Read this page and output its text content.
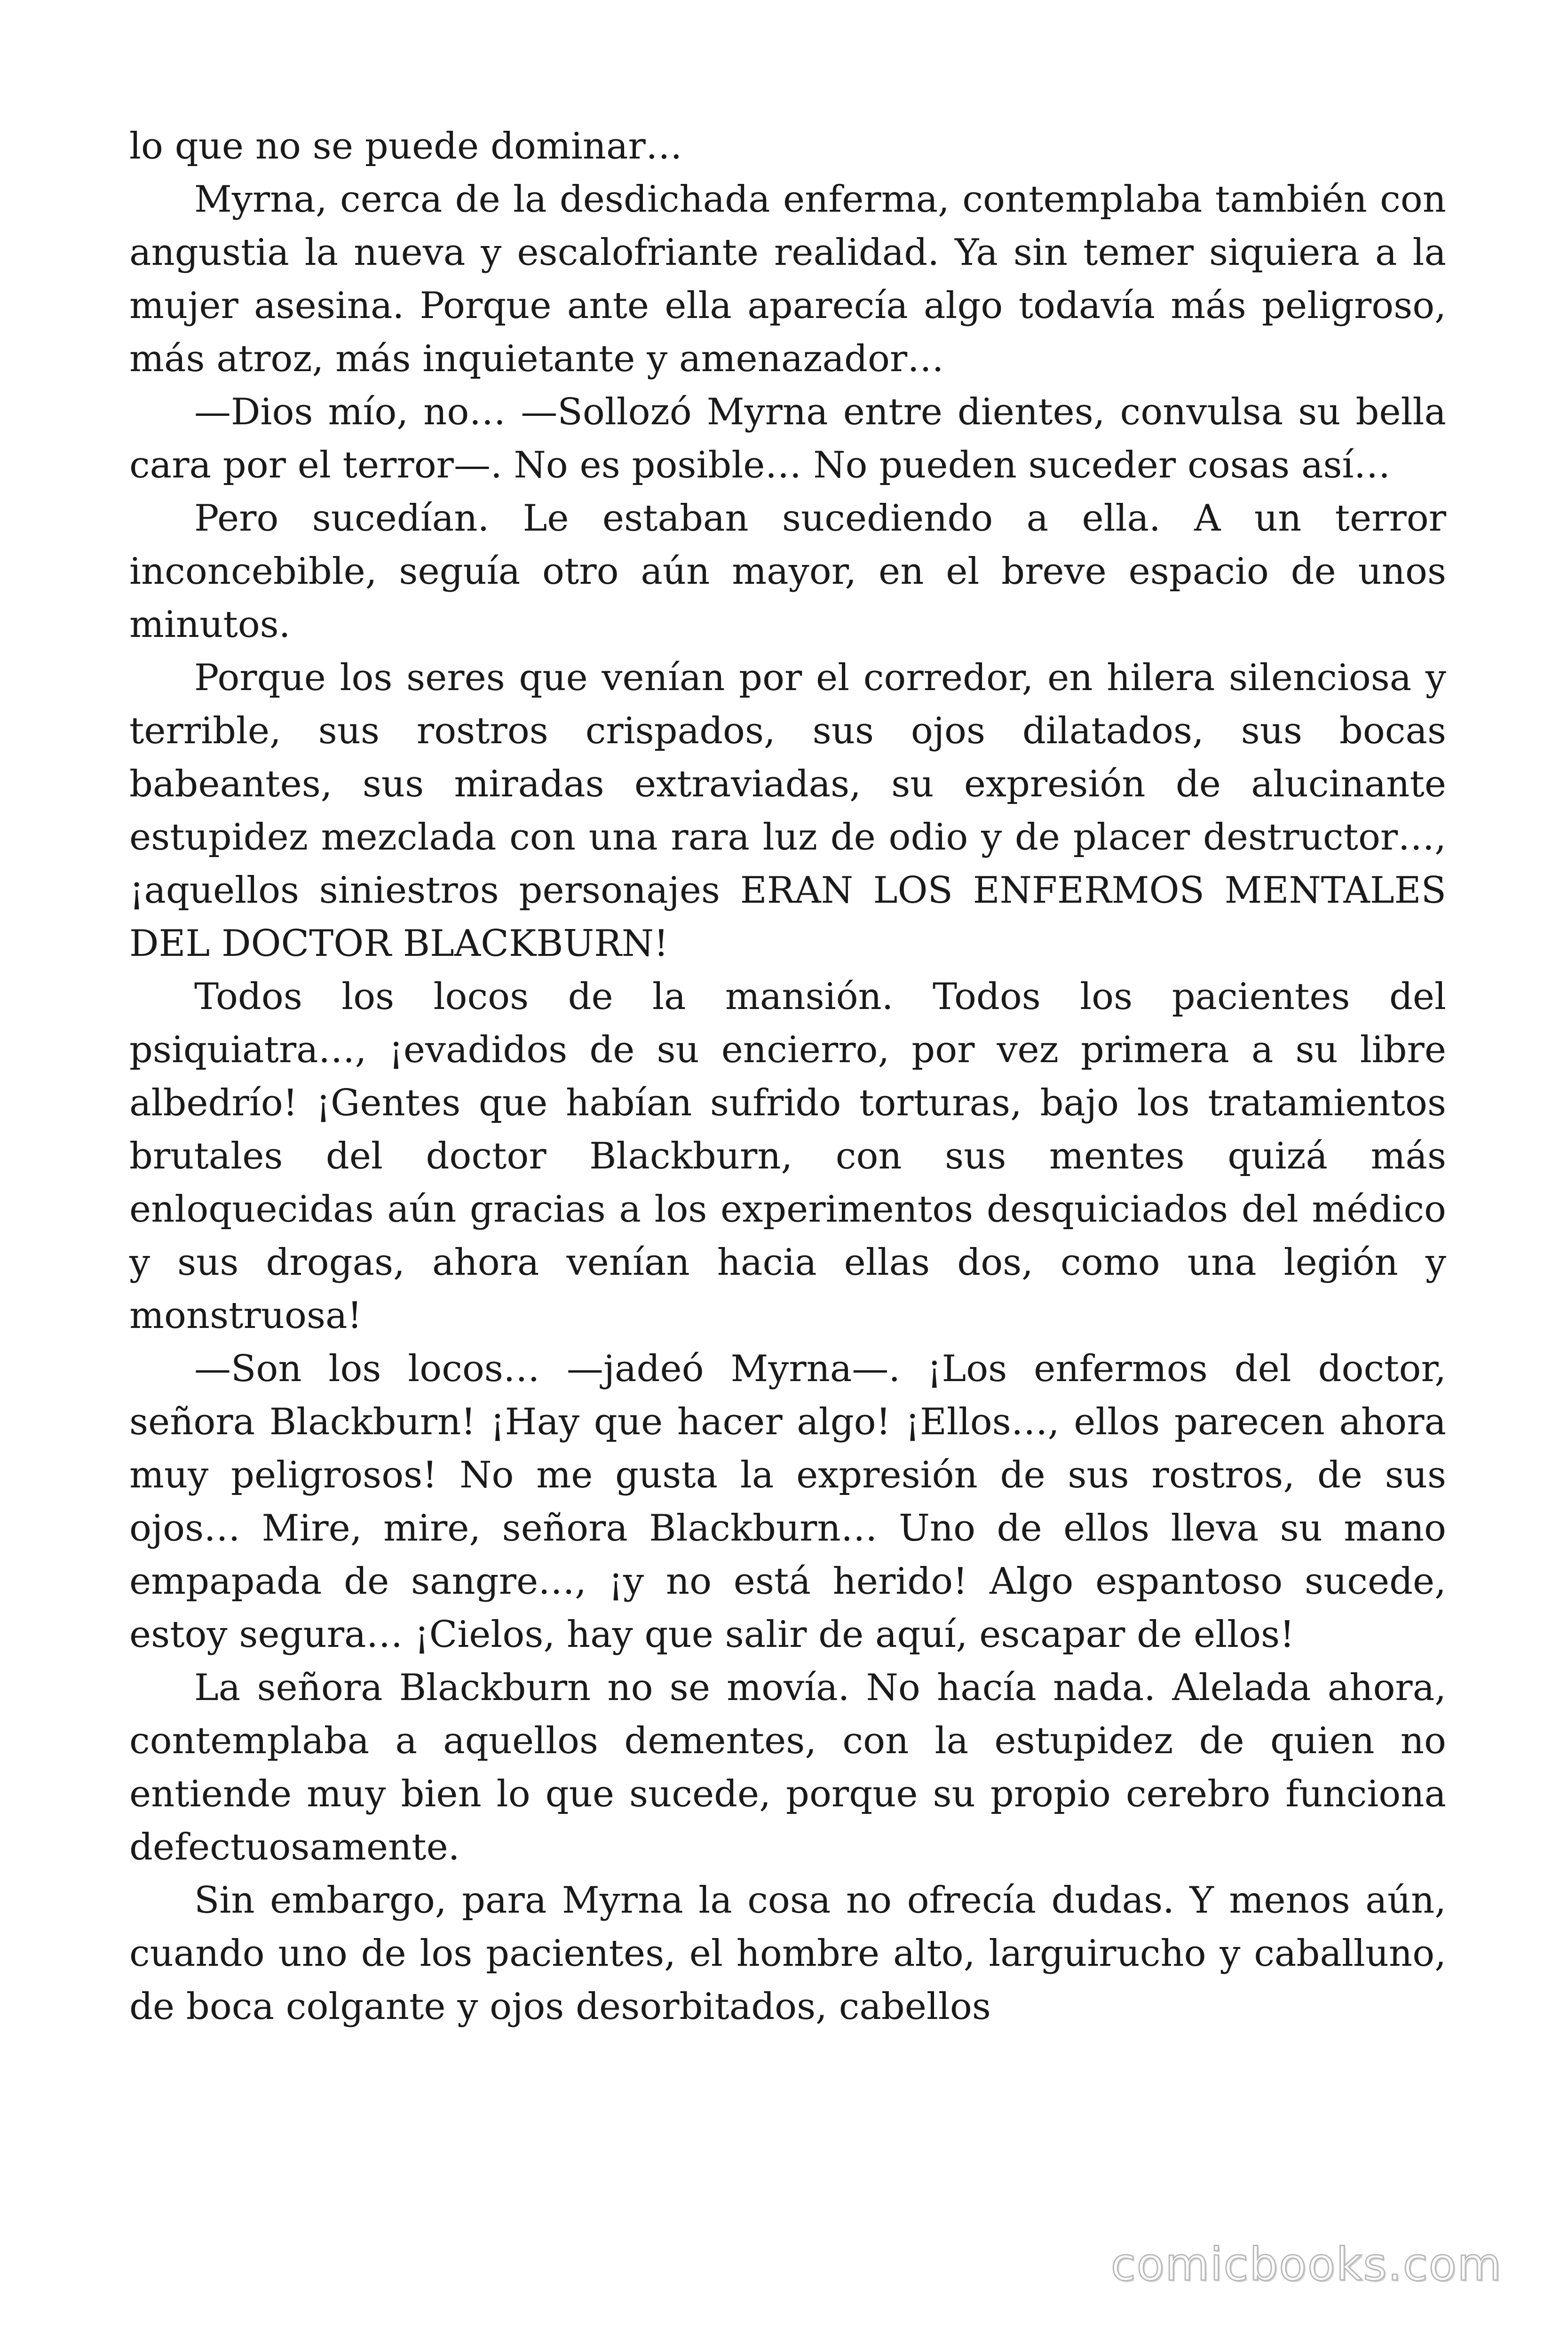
lo que no se puede dominar…

Myrna, cerca de la desdichada enferma, contemplaba también con angustia la nueva y escalofriante realidad. Ya sin temer siquiera a la mujer asesina. Porque ante ella aparecía algo todavía más peligroso, más atroz, más inquietante y amenazador…

—Dios mío, no… —Sollozó Myrna entre dientes, convulsa su bella cara por el terror—. No es posible… No pueden suceder cosas así…

Pero sucedían. Le estaban sucediendo a ella. A un terror inconcebible, seguía otro aún mayor, en el breve espacio de unos minutos.

Porque los seres que venían por el corredor, en hilera silenciosa y terrible, sus rostros crispados, sus ojos dilatados, sus bocas babeantes, sus miradas extraviadas, su expresión de alucinante estupidez mezclada con una rara luz de odio y de placer destructor…, ¡aquellos siniestros personajes ERAN LOS ENFERMOS MENTALES DEL DOCTOR BLACKBURN!

Todos los locos de la mansión. Todos los pacientes del psiquiatra…, ¡evadidos de su encierro, por vez primera a su libre albedrío! ¡Gentes que habían sufrido torturas, bajo los tratamientos brutales del doctor Blackburn, con sus mentes quizá más enloquecidas aún gracias a los experimentos desquiciados del médico y sus drogas, ahora venían hacia ellas dos, como una legión y monstruosa!

—Son los locos… —jadeó Myrna—. ¡Los enfermos del doctor, señora Blackburn! ¡Hay que hacer algo! ¡Ellos…, ellos parecen ahora muy peligrosos! No me gusta la expresión de sus rostros, de sus ojos… Mire, mire, señora Blackburn… Uno de ellos lleva su mano empapada de sangre…, ¡y no está herido! Algo espantoso sucede, estoy segura… ¡Cielos, hay que salir de aquí, escapar de ellos!

La señora Blackburn no se movía. No hacía nada. Alelada ahora, contemplaba a aquellos dementes, con la estupidez de quien no entiende muy bien lo que sucede, porque su propio cerebro funciona defectuosamente.

Sin embargo, para Myrna la cosa no ofrecía dudas. Y menos aún, cuando uno de los pacientes, el hombre alto, larguirucho y caballuno, de boca colgante y ojos desorbitados, cabellos

comicbooks.com
